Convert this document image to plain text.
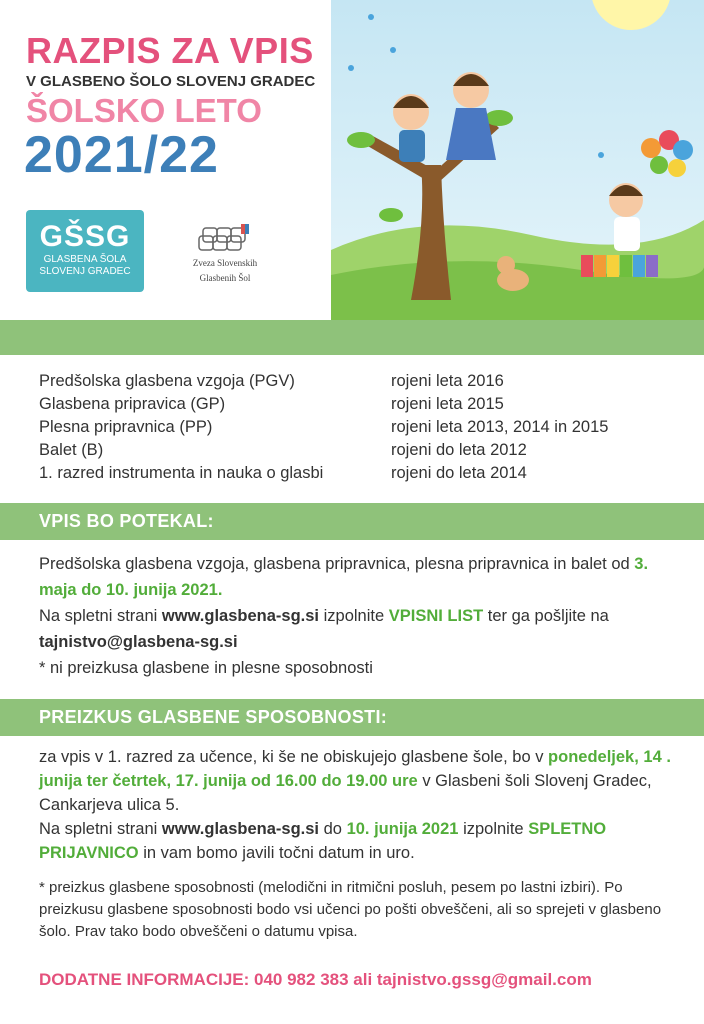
RAZPIS ZA VPIS
V GLASBENO ŠOLO SLOVENJ GRADEC
ŠOLSKO LETO
2021/22
GŠSG
GLASBENA ŠOLA
SLOVENJ GRADEC
Zveza Slovenskih
Glasbenih Šol
Predšolska glasbena vzgoja (PGV)	rojeni leta 2016
Glasbena pripravica (GP)	rojeni leta 2015
Plesna pripravnica (PP)	rojeni leta 2013, 2014 in 2015
Balet (B)	rojeni do leta 2012
1. razred instrumenta in nauka o glasbi	rojeni do leta 2014
VPIS BO POTEKAL:
Predšolska glasbena vzgoja, glasbena pripravnica, plesna pripravnica in balet od 3. maja do 10. junija 2021.
Na spletni strani www.glasbena-sg.si izpolnite VPISNI LIST ter ga pošljite na tajnistvo@glasbena-sg.si
* ni preizkusa glasbene in plesne sposobnosti
PREIZKUS GLASBENE SPOSOBNOSTI:
za vpis v 1. razred za učence, ki še ne obiskujejo glasbene šole, bo v ponedeljek, 14 . junija ter četrtek, 17. junija od 16.00 do 19.00 ure v Glasbeni šoli Slovenj Gradec, Cankarjeva ulica 5.
Na spletni strani www.glasbena-sg.si do 10. junija 2021 izpolnite SPLETNO PRIJAVNICO in vam bomo javili točni datum in uro.
* preizkus glasbene sposobnosti (melodični in ritmični posluh, pesem po lastni izbiri). Po preizkusu glasbene sposobnosti bodo vsi učenci po pošti obveščeni, ali so sprejeti v glasbeno šolo. Prav tako bodo obveščeni o datumu vpisa.
DODATNE INFORMACIJE: 040 982 383 ali tajnistvo.gssg@gmail.com
